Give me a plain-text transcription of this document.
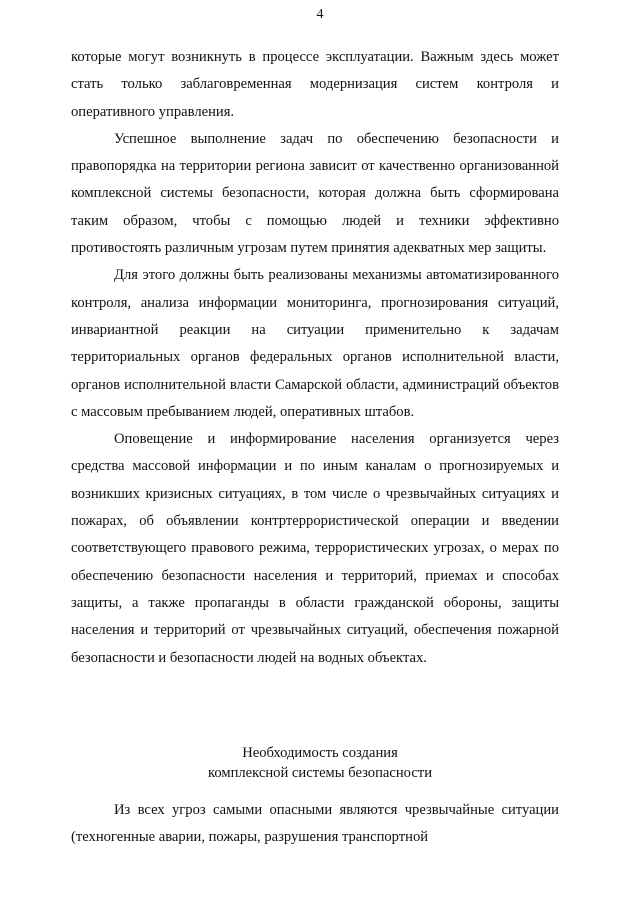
4

которые могут возникнуть в процессе эксплуатации. Важным здесь может стать только заблаговременная модернизация систем контроля и оперативного управления.

Успешное выполнение задач по обеспечению безопасности и правопорядка на территории региона зависит от качественно организованной комплексной системы безопасности, которая должна быть сформирована таким образом, чтобы с помощью людей и техники эффективно противостоять различным угрозам путем принятия адекватных мер защиты.

Для этого должны быть реализованы механизмы автоматизированного контроля, анализа информации мониторинга, прогнозирования ситуаций, инвариантной реакции на ситуации применительно к задачам территориальных органов федеральных органов исполнительной власти, органов исполнительной власти Самарской области, администраций объектов с массовым пребыванием людей, оперативных штабов.

Оповещение и информирование населения организуется через средства массовой информации и по иным каналам о прогнозируемых и возникших кризисных ситуациях, в том числе о чрезвычайных ситуациях и пожарах, об объявлении контртеррористической операции и введении соответствующего правового режима, террористических угрозах, о мерах по обеспечению безопасности населения и территорий, приемах и способах защиты, а также пропаганды в области гражданской обороны, защиты населения и территорий от чрезвычайных ситуаций, обеспечения пожарной безопасности и безопасности людей на водных объектах.

Необходимость создания
комплексной системы безопасности

Из всех угроз самыми опасными являются чрезвычайные ситуации (техногенные аварии, пожары, разрушения транспортной
